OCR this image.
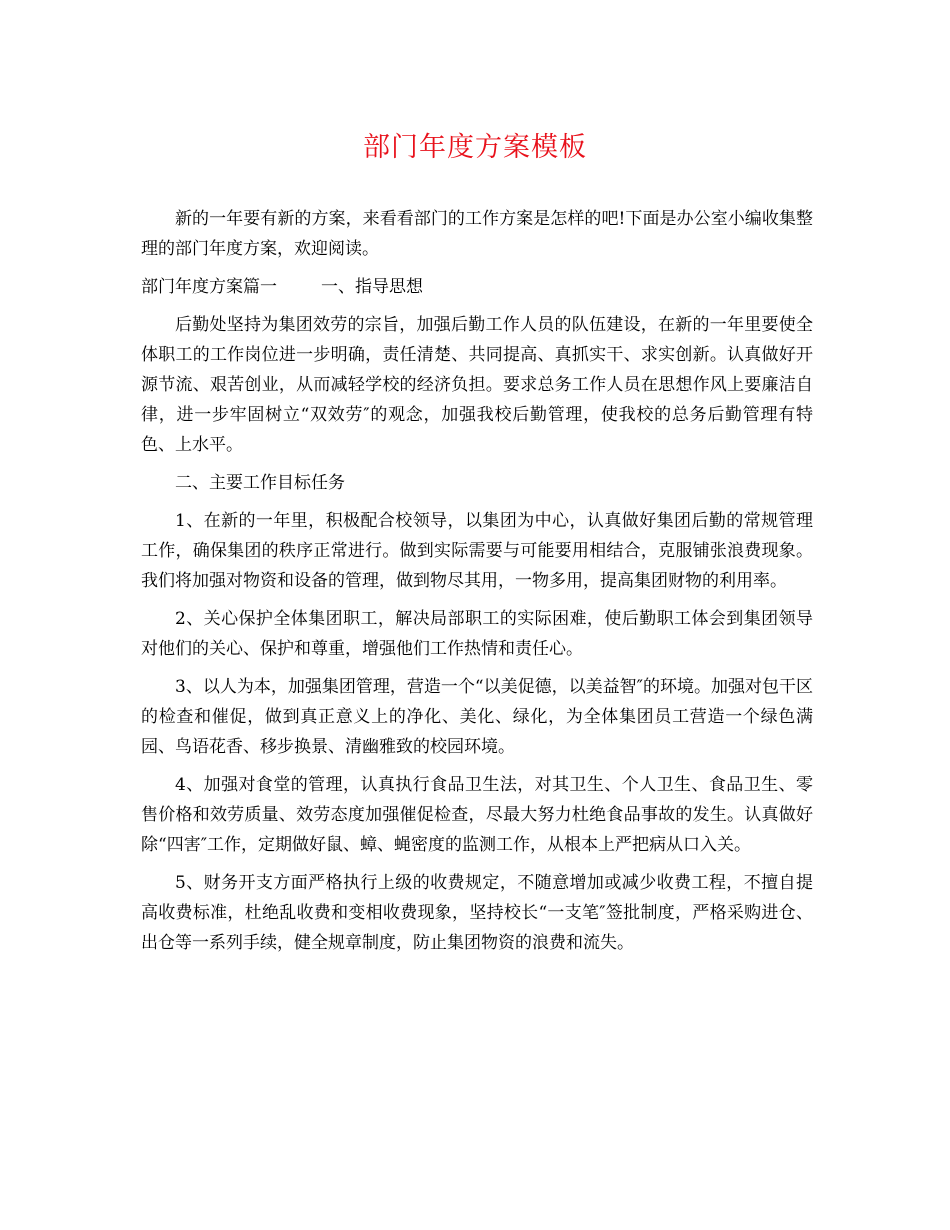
部门年度方案模板

新的一年要有新的方案，来看看部门的工作方案是怎样的吧!下面是办公室小编收集整理的部门年度方案，欢迎阅读。

部门年度方案篇一	一、指导思想

后勤处坚持为集团效劳的宗旨，加强后勤工作人员的队伍建设，在新的一年里要使全体职工的工作岗位进一步明确，责任清楚、共同提高、真抓实干、求实创新。认真做好开源节流、艰苦创业，从而减轻学校的经济负担。要求总务工作人员在思想作风上要廉洁自律，进一步牢固树立“双效劳″的观念，加强我校后勤管理，使我校的总务后勤管理有特色、上水平。

二、主要工作目标任务

1、在新的一年里，积极配合校领导，以集团为中心，认真做好集团后勤的常规管理工作，确保集团的秩序正常进行。做到实际需要与可能要用相结合，克服铺张浪费现象。我们将加强对物资和设备的管理，做到物尽其用，一物多用，提高集团财物的利用率。

2、关心保护全体集团职工，解决局部职工的实际困难，使后勤职工体会到集团领导对他们的关心、保护和尊重，增强他们工作热情和责任心。

3、以人为本，加强集团管理，营造一个“以美促德，以美益智″的环境。加强对包干区的检查和催促，做到真正意义上的净化、美化、绿化，为全体集团员工营造一个绿色满园、鸟语花香、移步换景、清幽雅致的校园环境。

4、加强对食堂的管理，认真执行食品卫生法，对其卫生、个人卫生、食品卫生、零售价格和效劳质量、效劳态度加强催促检查，尽最大努力杜绝食品事故的发生。认真做好除“四害″工作，定期做好鼠、蟑、蝇密度的监测工作，从根本上严把病从口入关。

5、财务开支方面严格执行上级的收费规定，不随意增加或减少收费工程，不擅自提高收费标准，杜绝乱收费和变相收费现象，坚持校长“一支笔″签批制度，严格采购进仓、出仓等一系列手续，健全规章制度，防止集团物资的浪费和流失。
